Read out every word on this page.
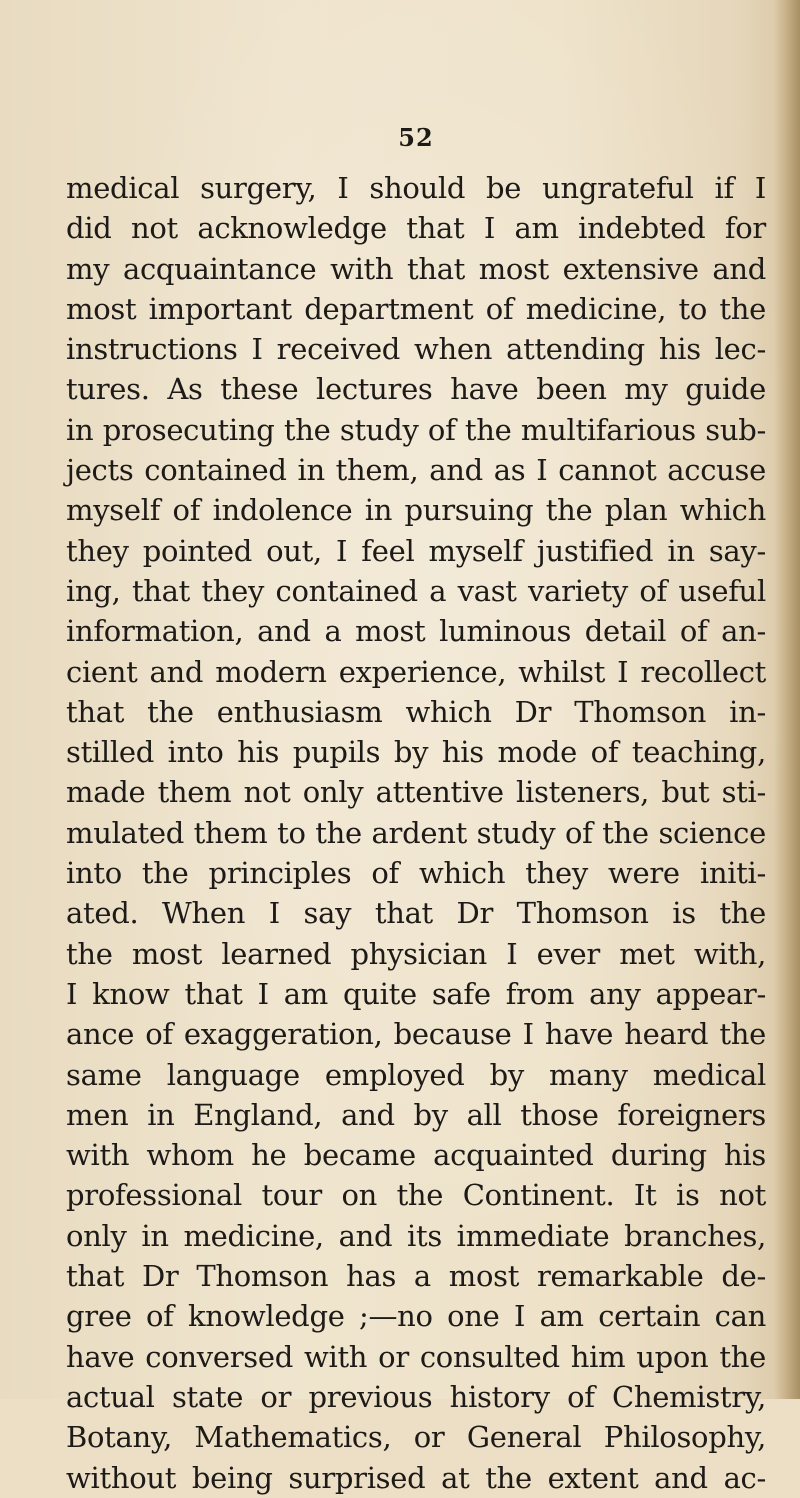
52
medical surgery, I should be ungrateful if I
did not acknowledge that I am indebted for
my acquaintance with that most extensive and
most important department of medicine, to the
instructions I received when attending his lec-
tures. As these lectures have been my guide
in prosecuting the study of the multifarious sub-
jects contained in them, and as I cannot accuse
myself of indolence in pursuing the plan which
they pointed out, I feel myself justified in say-
ing, that they contained a vast variety of useful
information, and a most luminous detail of an-
cient and modern experience, whilst I recollect
that the enthusiasm which Dr Thomson in-
stilled into his pupils by his mode of teaching,
made them not only attentive listeners, but sti-
mulated them to the ardent study of the science
into the principles of which they were initi-
ated. When I say that Dr Thomson is the
the most learned physician I ever met with,
I know that I am quite safe from any appear-
ance of exaggeration, because I have heard the
same language employed by many medical
men in England, and by all those foreigners
with whom he became acquainted during his
professional tour on the Continent. It is not
only in medicine, and its immediate branches,
that Dr Thomson has a most remarkable de-
gree of knowledge ;—no one I am certain can
have conversed with or consulted him upon the
actual state or previous history of Chemistry,
Botany, Mathematics, or General Philosophy,
without being surprised at the extent and ac-
